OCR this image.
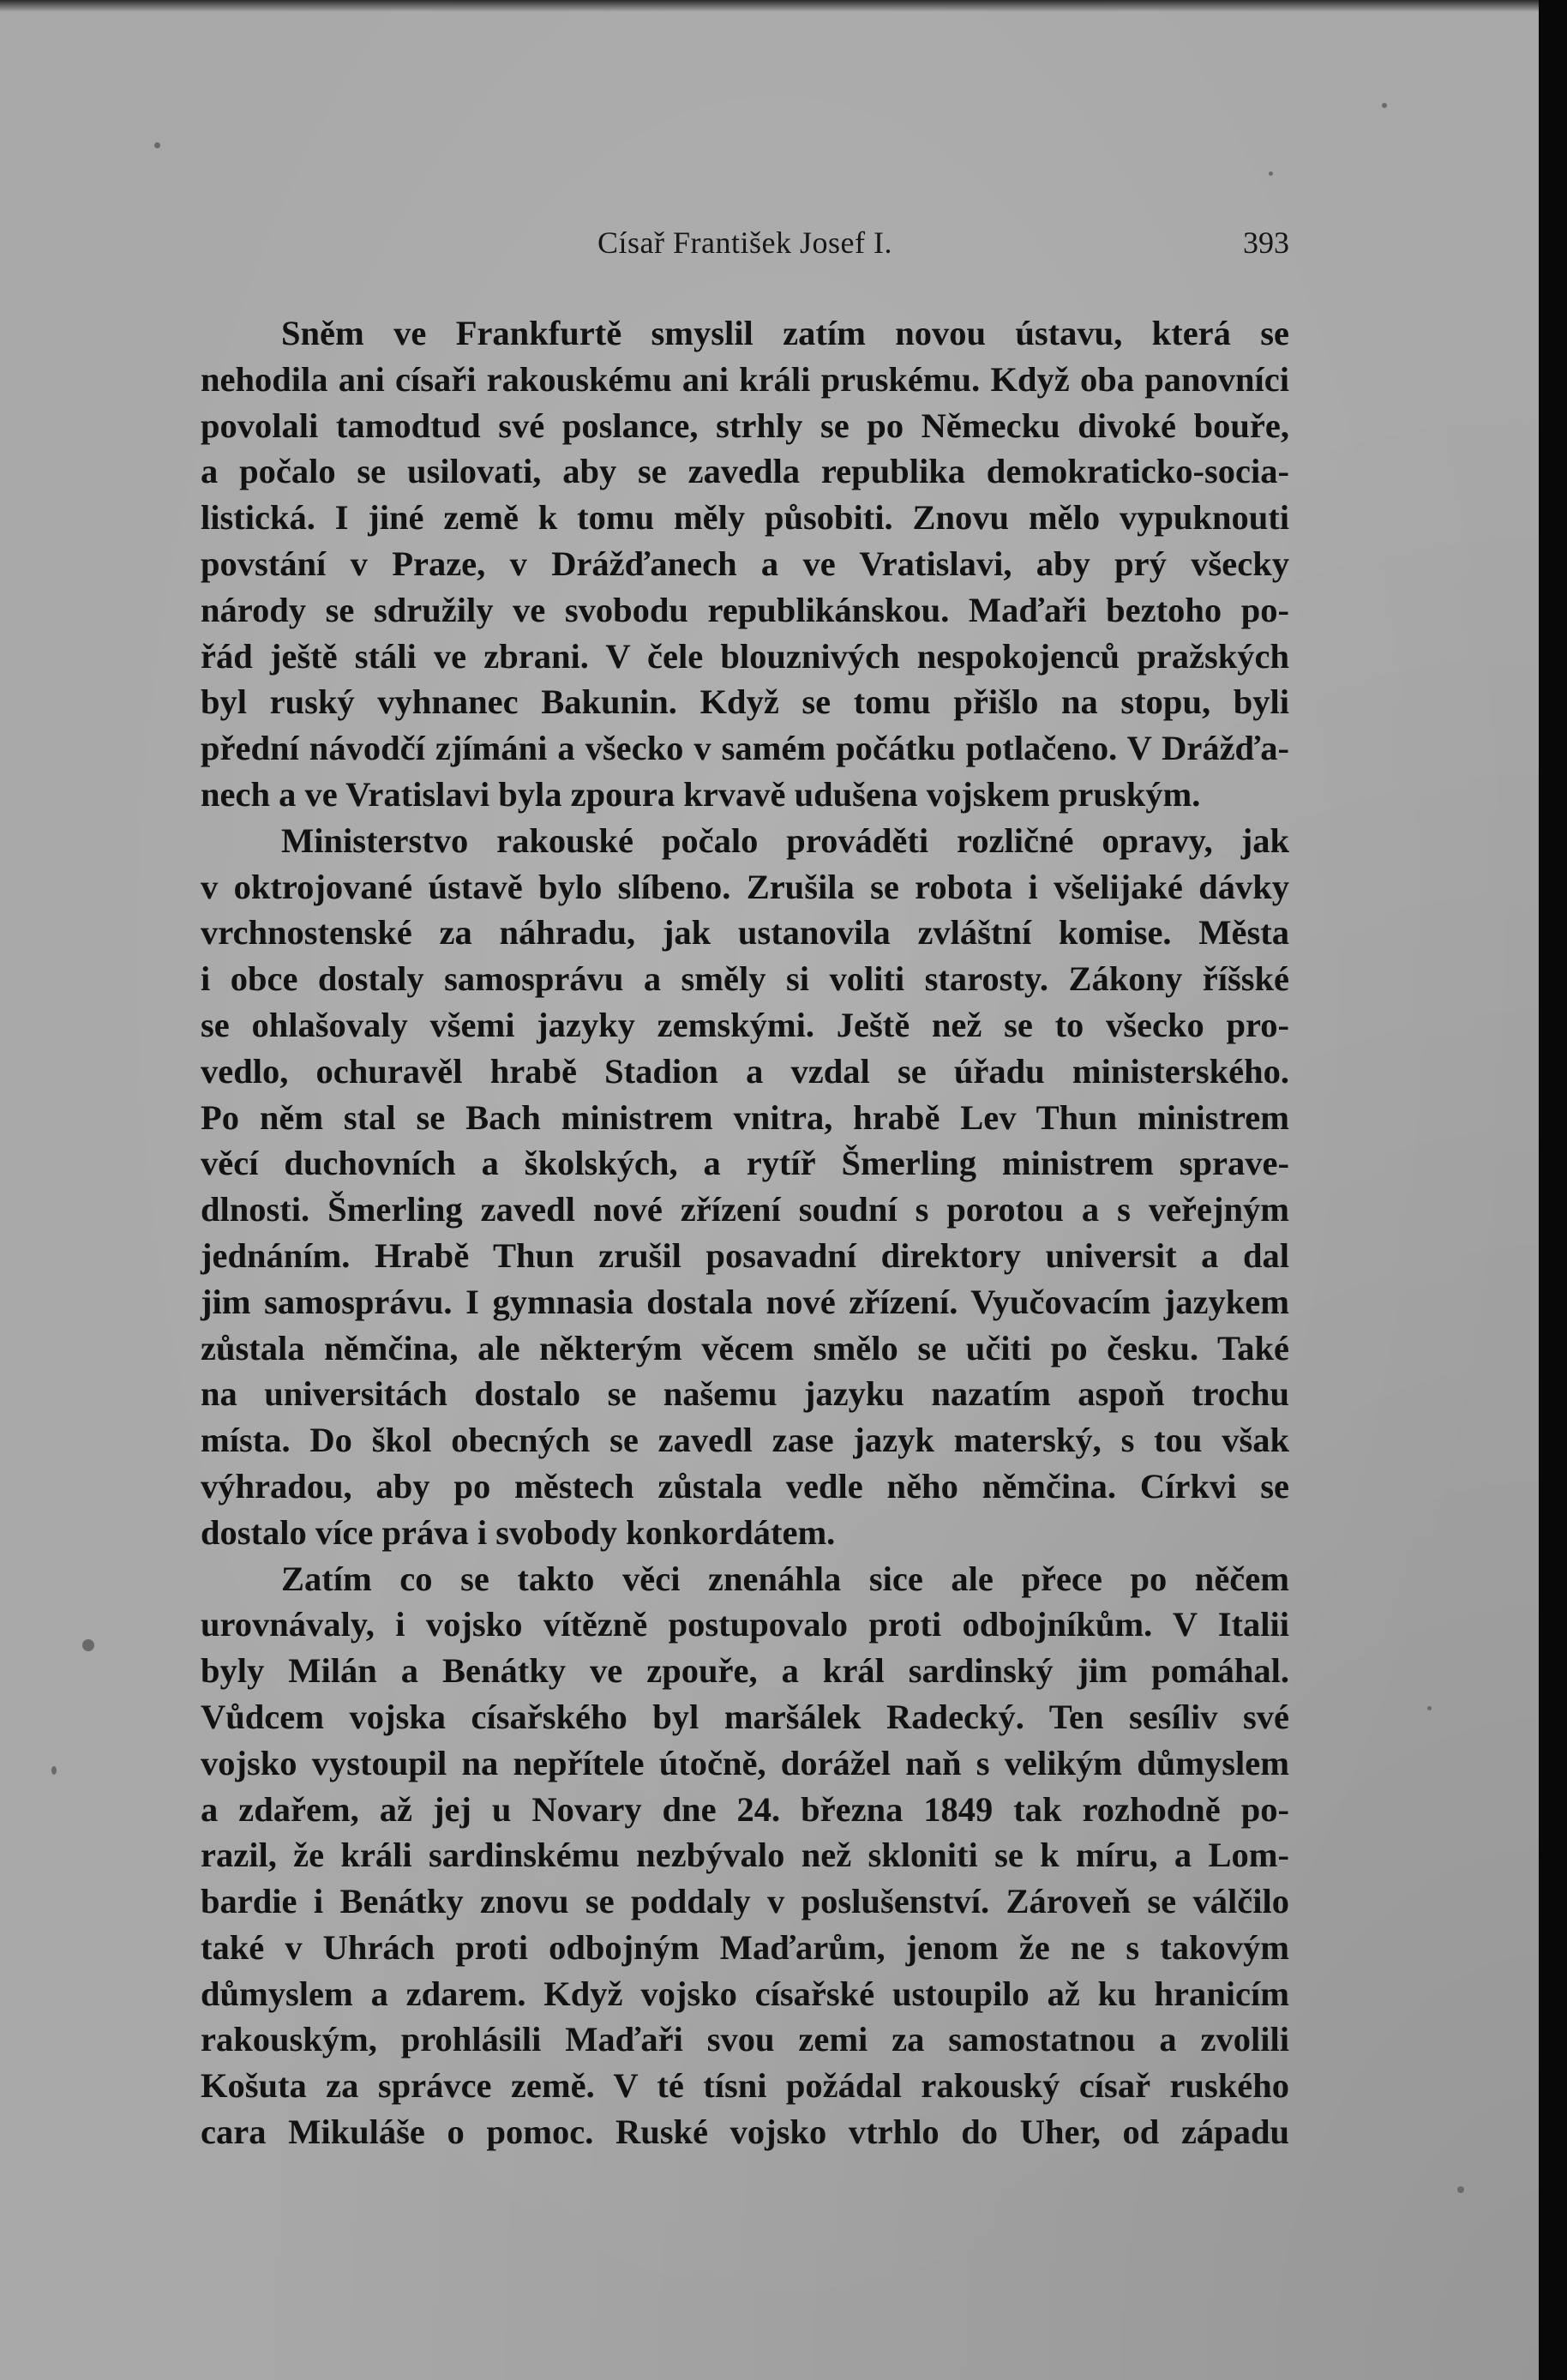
Císař František Josef I.	393
Sněm ve Frankfurtě smyslil zatím novou ústavu, která se
nehodila ani císaři rakouskému ani králi pruskému. Když oba panovníci
povolali tamodtud své poslance, strhly se po Německu divoké bouře,
a počalo se usilovati, aby se zavedla republika demokraticko-socia-
listická. I jiné země k tomu měly působiti. Znovu mělo vypuknouti
povstání v Praze, v Drážďanech a ve Vratislavi, aby prý všecky
národy se sdružily ve svobodu republikánskou. Maďaři beztoho po-
řád ještě stáli ve zbrani. V čele blouznivých nespokojenců pražských
byl ruský vyhnanec Bakunin. Když se tomu přišlo na stopu, byli
přední návodčí zjímáni a všecko v samém počátku potlačeno. V Drážďa-
nech a ve Vratislavi byla zpoura krvavě udušena vojskem pruským.
Ministerstvo rakouské počalo prováděti rozličné opravy, jak
v oktrojované ústavě bylo slíbeno. Zrušila se robota i všelijaké dávky
vrchnostenské za náhradu, jak ustanovila zvláštní komise. Města
i obce dostaly samosprávu a směly si voliti starosty. Zákony říšské
se ohlašovaly všemi jazyky zemskými. Ještě než se to všecko pro-
vedlo, ochuravěl hrabě Stadion a vzdal se úřadu ministerského.
Po něm stal se Bach ministrem vnitra, hrabě Lev Thun ministrem
věcí duchovních a školských, a rytíř Šmerling ministrem sprave-
dlnosti. Šmerling zavedl nové zřízení soudní s porotou a s veřejným
jednáním. Hrabě Thun zrušil posavadní direktory universit a dal
jim samosprávu. I gymnasia dostala nové zřízení. Vyučovacím jazykem
zůstala němčina, ale některým věcem smělo se učiti po česku. Také
na universitách dostalo se našemu jazyku nazatím aspoň trochu
místa. Do škol obecných se zavedl zase jazyk materský, s tou však
výhradou, aby po městech zůstala vedle něho němčina. Církvi se
dostalo více práva i svobody konkordátem.
Zatím co se takto věci znenáhla sice ale přece po něčem
urovnávaly, i vojsko vítězně postupovalo proti odbojníkům. V Italii
byly Milán a Benátky ve zpouře, a král sardinský jim pomáhal.
Vůdcem vojska císařského byl maršálek Radecký. Ten sesíliv své
vojsko vystoupil na nepřítele útočně, dorážel naň s velikým důmyslem
a zdařem, až jej u Novary dne 24. března 1849 tak rozhodně po-
razil, že králi sardinskému nezbývalo než skloniti se k míru, a Lom-
bardie i Benátky znovu se poddaly v poslušenství. Zároveň se válčilo
také v Uhrách proti odbojným Maďarům, jenom že ne s takovým
důmyslem a zdarem. Když vojsko císařské ustoupilo až ku hranicím
rakouským, prohlásili Maďaři svou zemi za samostatnou a zvolili
Košuta za správce země. V té tísni požádal rakouský císař ruského
cara Mikuláše o pomoc. Ruské vojsko vtrhlo do Uher, od západu
